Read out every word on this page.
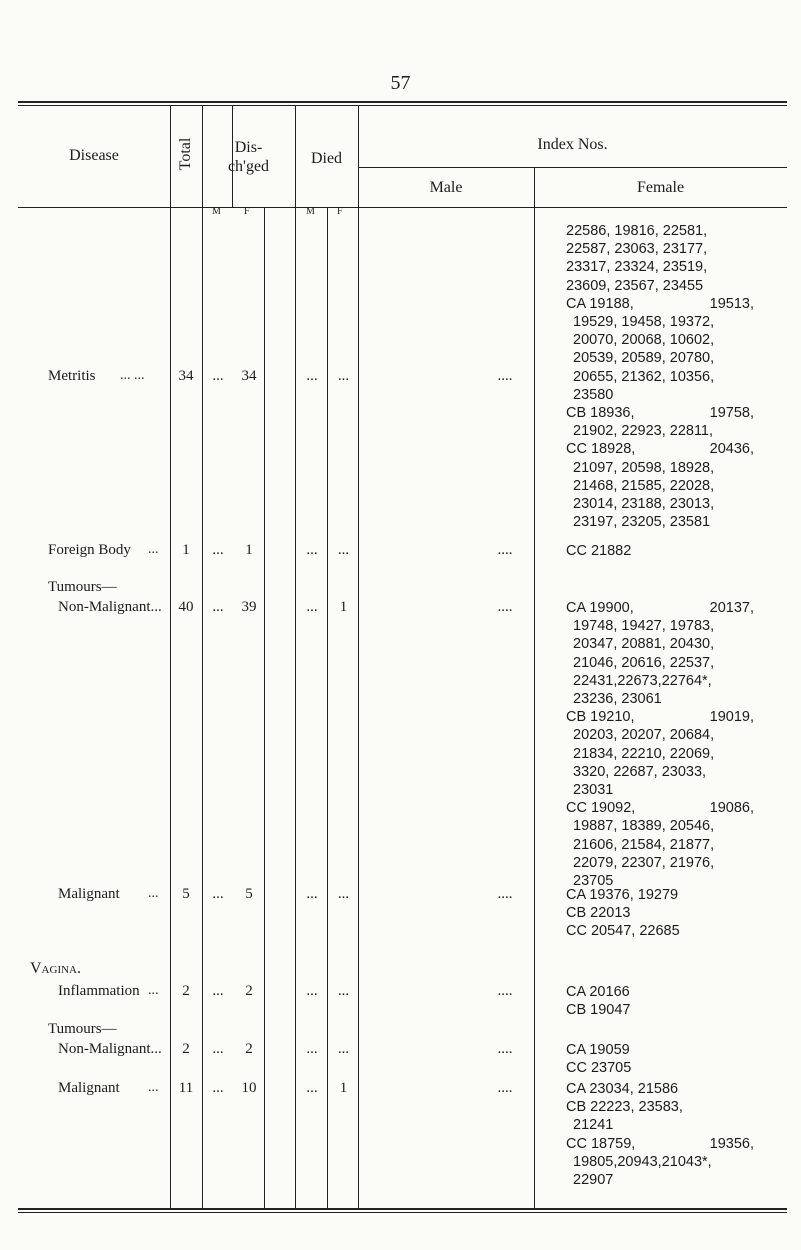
57
Disease	Total	Dis-
ch'ged	Died
Index Nos.
Male	Female
M F	M F
Metritis ... ...	34	...	34	...	...	....
22586, 19816, 22581,
22587, 23063, 23177,
23317, 23324, 23519,
23609, 23567, 23455
CA 19188,	19513,
19529, 19458, 19372,
20070, 20068, 10602,
20539, 20589, 20780,
20655, 21362, 10356,
23580
CB 18936,	19758,
21902, 22923, 22811,
CC 18928,	20436,
21097, 20598, 18928,
21468, 21585, 22028,
23014, 23188, 23013,
23197, 23205, 23581
Foreign Body ...	1	...	1	...	...	....	CC 21882
Tumours—
Non-Malignant...	40	...	39	...	1	....	CA 19900,	20137,
19748, 19427, 19783,
20347, 20881, 20430,
21046, 20616, 22537,
22431,22673,22764*,
23236, 23061
CB 19210,	19019,
20203, 20207, 20684,
21834, 22210, 22069,
3320, 22687, 23033,
23031
CC 19092,	19086,
19887, 18389, 20546,
21606, 21584, 21877,
22079, 22307, 21976,
23705
Malignant ...	5	...	5	...	...	....	CA 19376, 19279
CB 22013
CC 20547, 22685
Vagina.
Inflammation ...	2	...	2	...	...	....	CA 20166
CB 19047
Tumours—
Non-Malignant...	2	...	2	...	...	....	CA 19059
CC 23705
Malignant ...	11	...	10	...	1	....	CA 23034, 21586
CB 22223, 23583,
21241
CC 18759,	19356,
19805,20943,21043*,
22907
